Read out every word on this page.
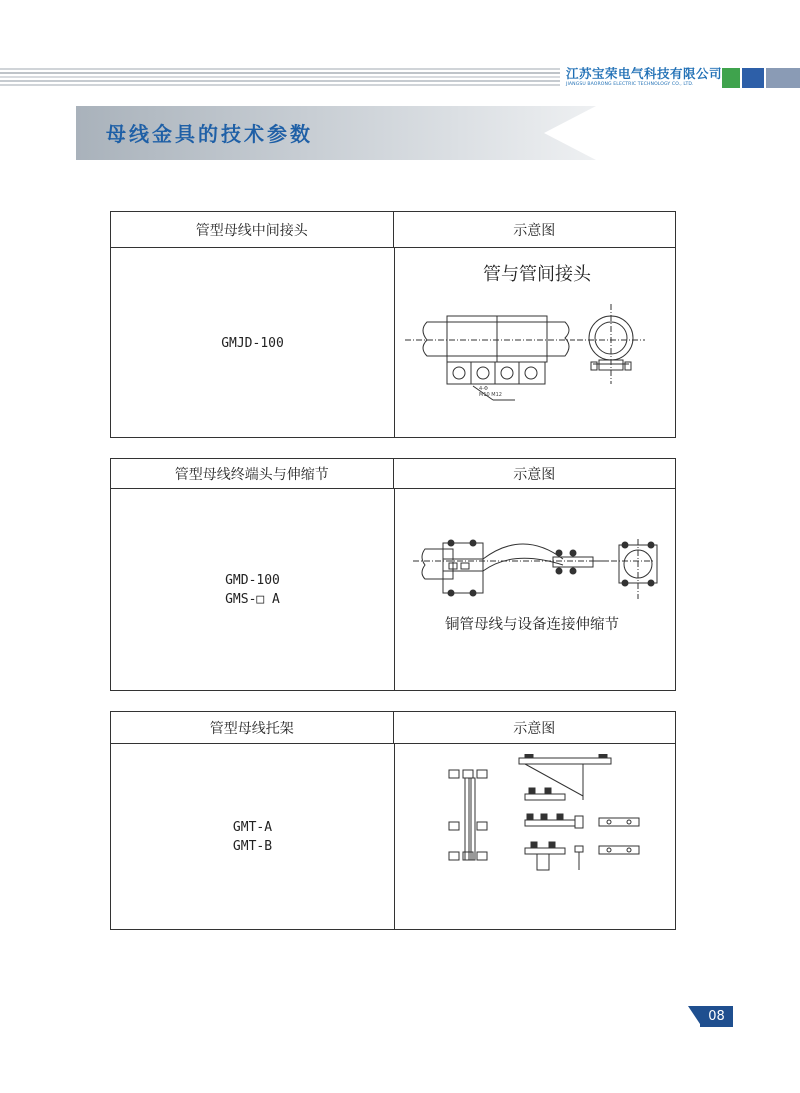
江苏宝荣电气科技有限公司
JIANGSU BAORONG ELECTRIC TECHNOLOGY CO., LTD.
母线金具的技术参数
管型母线中间接头	示意图
GMJD-100
管与管间接头
4-Φ
M10 M12
管型母线终端头与伸缩节	示意图
GMD-100
GMS-□ A
铜管母线与设备连接伸缩节
管型母线托架	示意图
GMT-A
GMT-B
08
